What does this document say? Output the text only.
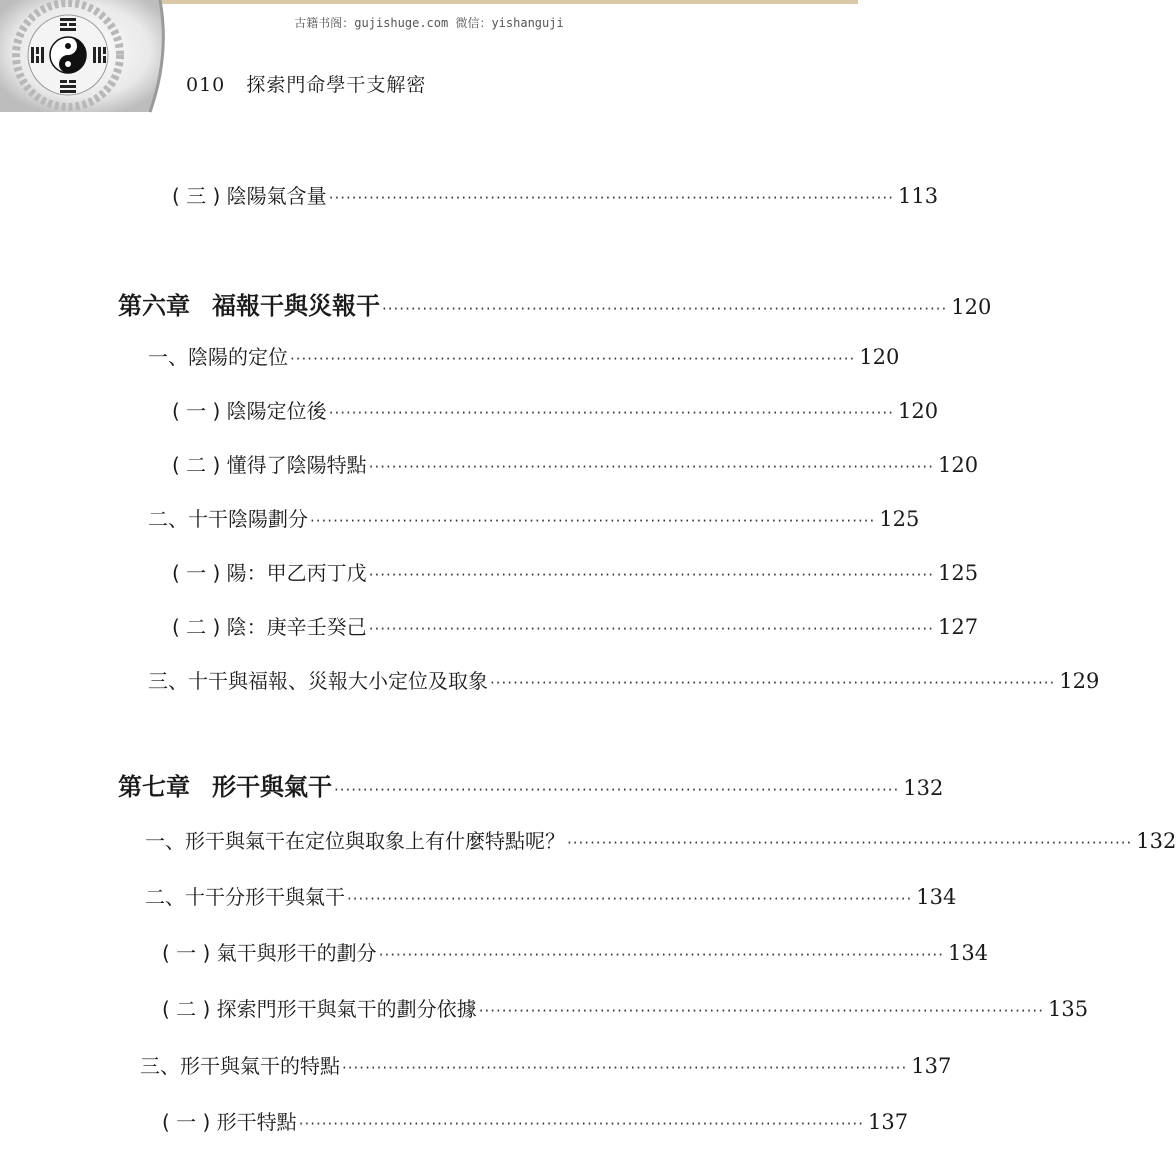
古籍书阁：gujishuge.com 微信：yishanguji
010 探索門命學干支解密
( 三 ) 陰陽氣含量 ·································································································· 113
第六章 福報干與災報干 ·································································································· 120
一、陰陽的定位 ·································································································· 120
( 一 ) 陰陽定位後 ·································································································· 120
( 二 ) 懂得了陰陽特點 ·································································································· 120
二、十干陰陽劃分 ·································································································· 125
( 一 ) 陽：甲乙丙丁戊 ·································································································· 125
( 二 ) 陰：庚辛壬癸己 ·································································································· 127
三、十干與福報、災報大小定位及取象 ·································································································· 129
第七章 形干與氣干 ·································································································· 132
一、形干與氣干在定位與取象上有什麼特點呢？ ·································································································· 132
二、十干分形干與氣干 ·································································································· 134
( 一 ) 氣干與形干的劃分 ·································································································· 134
( 二 ) 探索門形干與氣干的劃分依據 ·································································································· 135
三、形干與氣干的特點 ·································································································· 137
( 一 ) 形干特點 ·································································································· 137
